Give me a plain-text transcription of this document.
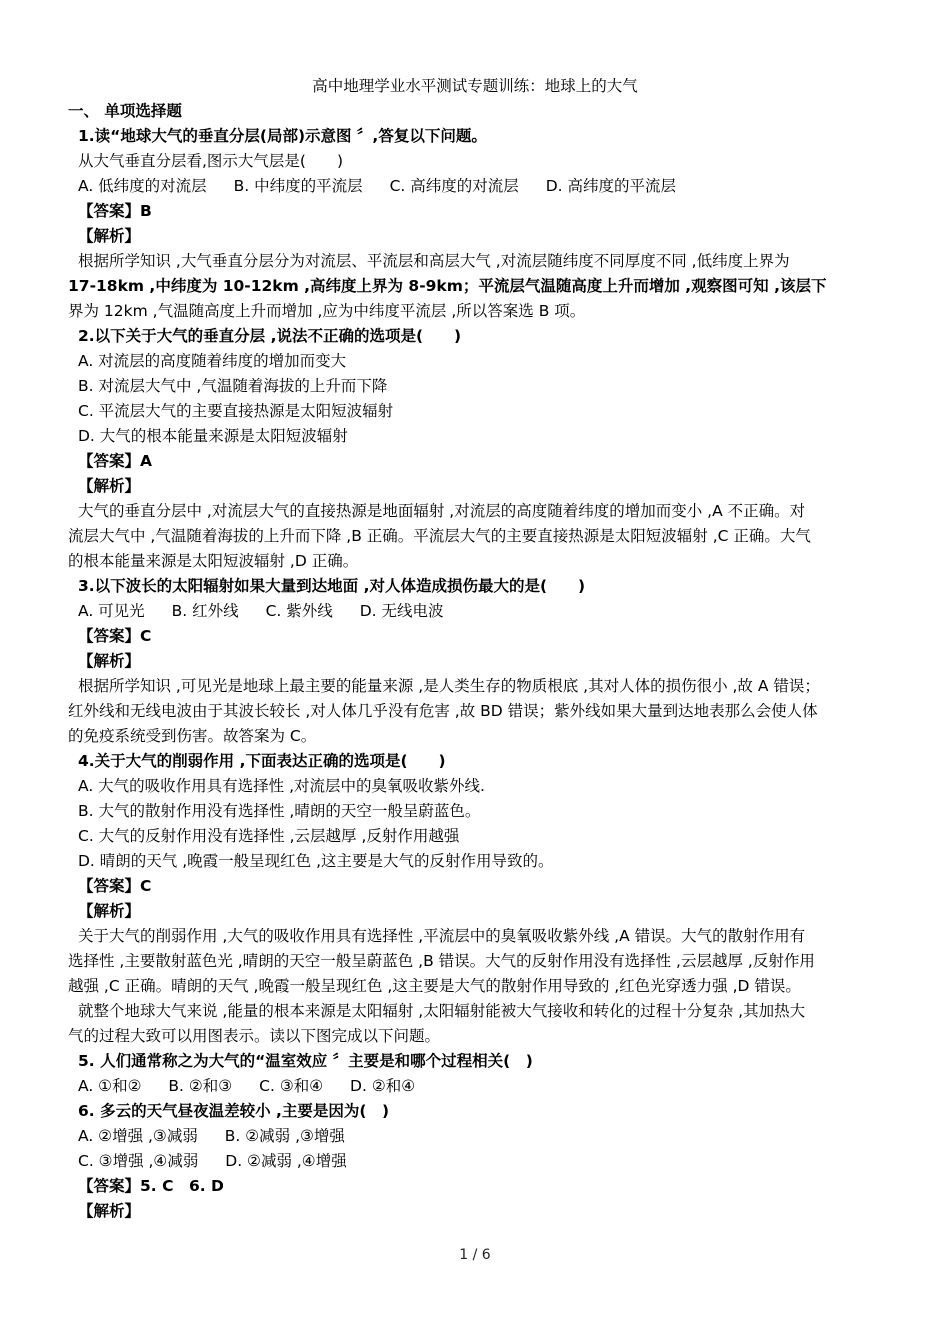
高中地理学业水平测试专题训练：地球上的大气
一、 单项选择题
1.读“地球大气的垂直分层(局部)示意图 〞,答复以下问题。
从大气垂直分层看,图示大气层是(　　)
A. 低纬度的对流层 B. 中纬度的平流层 C. 高纬度的对流层 D. 高纬度的平流层
【答案】B
【解析】
根据所学知识 ,大气垂直分层分为对流层、平流层和高层大气 ,对流层随纬度不同厚度不同 ,低纬度上界为
17-18km ,中纬度为 10-12km ,高纬度上界为 8-9km；平流层气温随高度上升而增加 ,观察图可知 ,该层下
界为 12km ,气温随高度上升而增加 ,应为中纬度平流层 ,所以答案选 B 项。
2.以下关于大气的垂直分层 ,说法不正确的选项是(　　)
A. 对流层的高度随着纬度的增加而变大
B. 对流层大气中 ,气温随着海拔的上升而下降
C. 平流层大气的主要直接热源是太阳短波辐射
D. 大气的根本能量来源是太阳短波辐射
【答案】A
【解析】
大气的垂直分层中 ,对流层大气的直接热源是地面辐射 ,对流层的高度随着纬度的增加而变小 ,A 不正确。对
流层大气中 ,气温随着海拔的上升而下降 ,B 正确。平流层大气的主要直接热源是太阳短波辐射 ,C 正确。大气
的根本能量来源是太阳短波辐射 ,D 正确。
3.以下波长的太阳辐射如果大量到达地面 ,对人体造成损伤最大的是(　　)
A. 可见光 B. 红外线 C. 紫外线 D. 无线电波
【答案】C
【解析】
根据所学知识 ,可见光是地球上最主要的能量来源 ,是人类生存的物质根底 ,其对人体的损伤很小 ,故 A 错误；
红外线和无线电波由于其波长较长 ,对人体几乎没有危害 ,故 BD 错误；紫外线如果大量到达地表那么会使人体
的免疫系统受到伤害。故答案为 C。
4.关于大气的削弱作用 ,下面表达正确的选项是(　　)
A. 大气的吸收作用具有选择性 ,对流层中的臭氧吸收紫外线.
B. 大气的散射作用没有选择性 ,晴朗的天空一般呈蔚蓝色。
C. 大气的反射作用没有选择性 ,云层越厚 ,反射作用越强
D. 晴朗的天气 ,晚霞一般呈现红色 ,这主要是大气的反射作用导致的。
【答案】C
【解析】
关于大气的削弱作用 ,大气的吸收作用具有选择性 ,平流层中的臭氧吸收紫外线 ,A 错误。大气的散射作用有
选择性 ,主要散射蓝色光 ,晴朗的天空一般呈蔚蓝色 ,B 错误。大气的反射作用没有选择性 ,云层越厚 ,反射作用
越强 ,C 正确。晴朗的天气 ,晚霞一般呈现红色 ,这主要是大气的散射作用导致的 ,红色光穿透力强 ,D 错误。
就整个地球大气来说 ,能量的根本来源是太阳辐射 ,太阳辐射能被大气接收和转化的过程十分复杂 ,其加热大
气的过程大致可以用图表示。读以下图完成以下问题。
5. 人们通常称之为大气的“温室效应 〞主要是和哪个过程相关(　)
A. ①和② B. ②和③ C. ③和④ D. ②和④
6. 多云的天气昼夜温差较小 ,主要是因为(　)
A. ②增强 ,③减弱 B. ②减弱 ,③增强
C. ③增强 ,④减弱 D. ②减弱 ,④增强
【答案】5. C　6. D
【解析】
1 / 6
